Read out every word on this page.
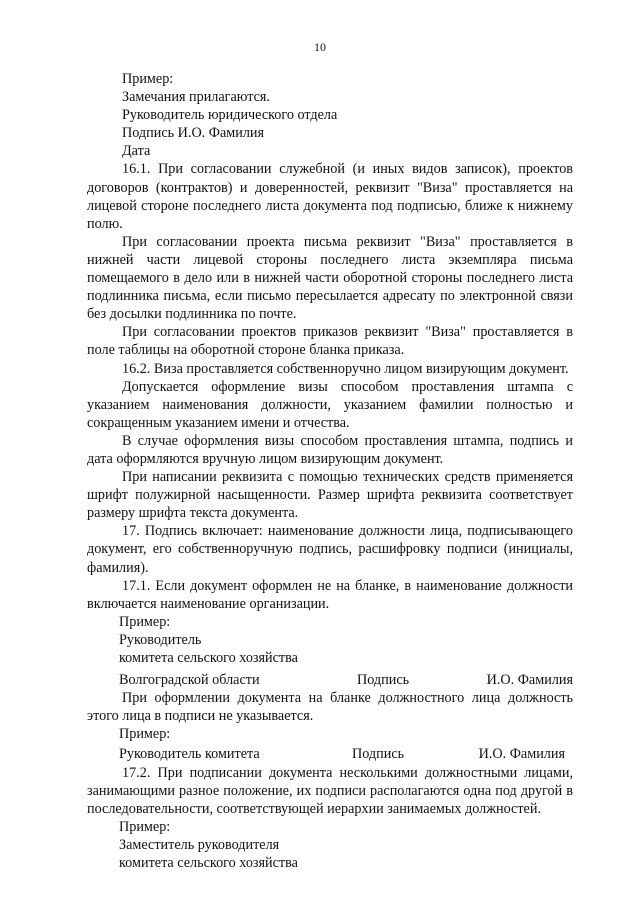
10
Пример:
Замечания прилагаются.
Руководитель юридического отдела
Подпись И.О. Фамилия
Дата

16.1. При согласовании служебной (и иных видов записок), проектов договоров (контрактов) и доверенностей, реквизит "Виза" проставляется на лицевой стороне последнего листа документа под подписью, ближе к нижнему полю.

При согласовании проекта письма реквизит "Виза" проставляется в нижней части лицевой стороны последнего листа экземпляра письма помещаемого в дело или в нижней части оборотной стороны последнего листа подлинника письма, если письмо пересылается адресату по электронной связи без досылки подлинника по почте.

При согласовании проектов приказов реквизит "Виза" проставляется в поле таблицы на оборотной стороне бланка приказа.

16.2. Виза проставляется собственноручно лицом визирующим документ.

Допускается оформление визы способом проставления штампа с указанием наименования должности, указанием фамилии полностью и сокращенным указанием имени и отчества.

В случае оформления визы способом проставления штампа, подпись и дата оформляются вручную лицом визирующим документ.

При написании реквизита с помощью технических средств применяется шрифт полужирной насыщенности. Размер шрифта реквизита соответствует размеру шрифта текста документа.

17. Подпись включает: наименование должности лица, подписывающего документ, его собственноручную подпись, расшифровку подписи (инициалы, фамилия).

17.1. Если документ оформлен не на бланке, в наименование должности включается наименование организации.

Пример:
Руководитель
комитета сельского хозяйства
Волгоградской области	Подпись	И.О. Фамилия

При оформлении документа на бланке должностного лица должность этого лица в подписи не указывается.

Пример:
Руководитель комитета	Подпись	И.О. Фамилия

17.2. При подписании документа несколькими должностными лицами, занимающими разное положение, их подписи располагаются одна под другой в последовательности, соответствующей иерархии занимаемых должностей.

Пример:
Заместитель руководителя
комитета сельского хозяйства
